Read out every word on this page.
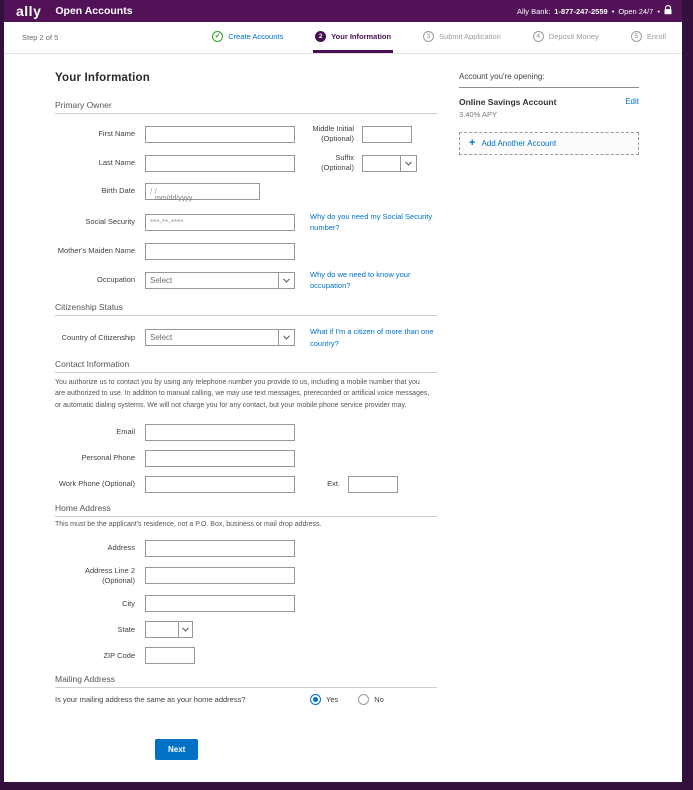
ally Open Accounts	Ally Bank: 1-877-247-2559 • Open 24/7 •
Step 2 of 5	✓	Create Accounts	2	Your Information	3	Submit Application	4	Deposit Money	5	Enroll
Your Information
Primary Owner
First Name
Middle Initial (Optional)
Last Name
Suffix (Optional)
Birth Date
/ /
mm/dd/yyyy
Social Security
***-**-****
Why do you need my Social Security number?
Mother's Maiden Name
Occupation	Select
Why do we need to know your occupation?
Citizenship Status
Country of Citizenship	Select
What if I'm a citizen of more than one country?
Contact Information
You authorize us to contact you by using any telephone number you provide to us, including a mobile number that you are authorized to use. In addition to manual calling, we may use text messages, prerecorded or artificial voice messages, or automatic dialing systems. We will not charge you for any contact, but your mobile phone service provider may.
Email
Personal Phone
Work Phone (Optional)	Ext.
Home Address
This must be the applicant's residence, not a P.O. Box, business or mail drop address.
Address
Address Line 2 (Optional)
City
State
ZIP Code
Mailing Address
Is your mailing address the same as your home address?	Yes	No
Next
Account you're opening:
Online Savings Account	Edit
3.40% APY
+ Add Another Account
